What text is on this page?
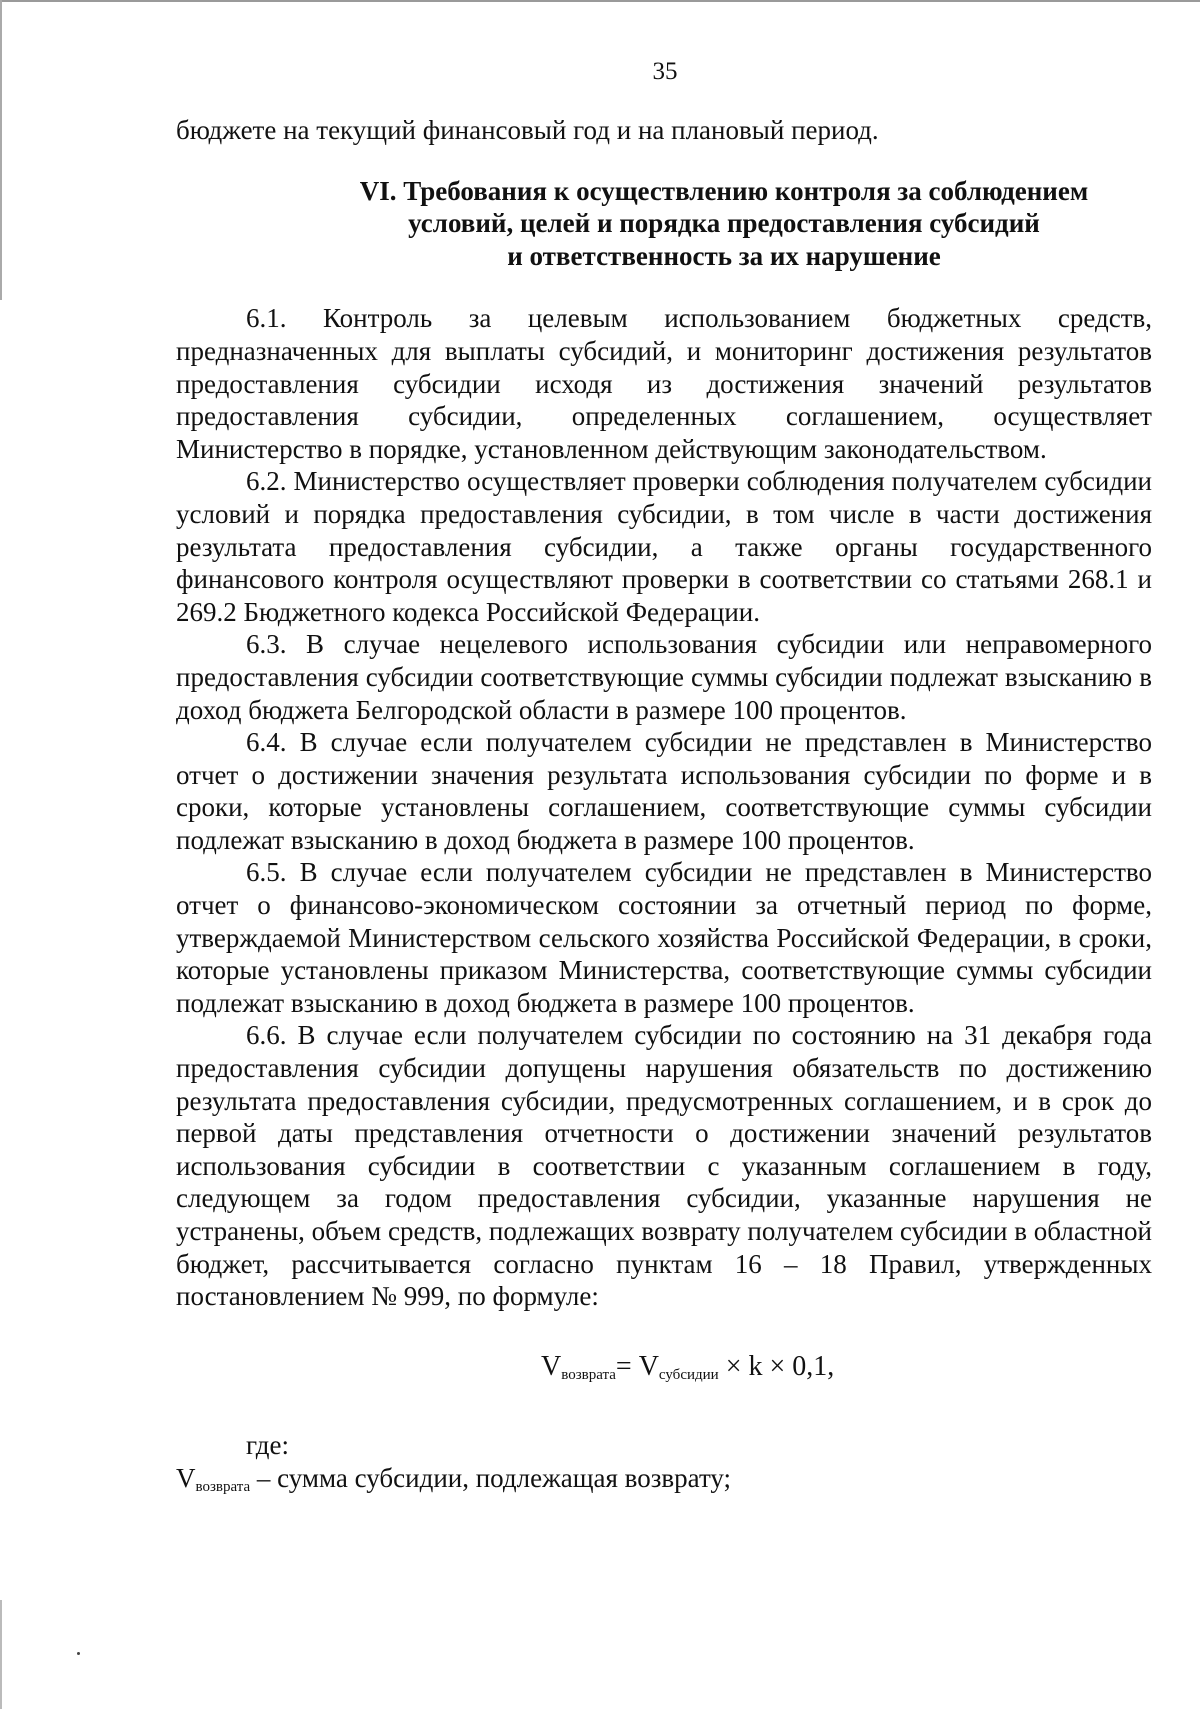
35

бюджете на текущий финансовый год и на плановый период.

VI. Требования к осуществлению контроля за соблюдением
условий, целей и порядка предоставления субсидий
и ответственность за их нарушение

6.1. Контроль за целевым использованием бюджетных средств, предназначенных для выплаты субсидий, и мониторинг достижения результатов предоставления субсидии исходя из достижения значений результатов предоставления субсидии, определенных соглашением, осуществляет Министерство в порядке, установленном действующим законодательством.

6.2. Министерство осуществляет проверки соблюдения получателем субсидии условий и порядка предоставления субсидии, в том числе в части достижения результата предоставления субсидии, а также органы государственного финансового контроля осуществляют проверки в соответствии со статьями 268.1 и 269.2 Бюджетного кодекса Российской Федерации.

6.3. В случае нецелевого использования субсидии или неправомерного предоставления субсидии соответствующие суммы субсидии подлежат взысканию в доход бюджета Белгородской области в размере 100 процентов.

6.4. В случае если получателем субсидии не представлен в Министерство отчет о достижении значения результата использования субсидии по форме и в сроки, которые установлены соглашением, соответствующие суммы субсидии подлежат взысканию в доход бюджета в размере 100 процентов.

6.5. В случае если получателем субсидии не представлен в Министерство отчет о финансово-экономическом состоянии за отчетный период по форме, утверждаемой Министерством сельского хозяйства Российской Федерации, в сроки, которые установлены приказом Министерства, соответствующие суммы субсидии подлежат взысканию в доход бюджета в размере 100 процентов.

6.6. В случае если получателем субсидии по состоянию на 31 декабря года предоставления субсидии допущены нарушения обязательств по достижению результата предоставления субсидии, предусмотренных соглашением, и в срок до первой даты представления отчетности о достижении значений результатов использования субсидии в соответствии с указанным соглашением в году, следующем за годом предоставления субсидии, указанные нарушения не устранены, объем средств, подлежащих возврату получателем субсидии в областной бюджет, рассчитывается согласно пунктам 16 – 18 Правил, утвержденных постановлением № 999, по формуле:

$V_{возврата}= V_{субсидии} \times k \times 0,1$,

где:

$V_{возврата}$ – сумма субсидии, подлежащая возврату;
